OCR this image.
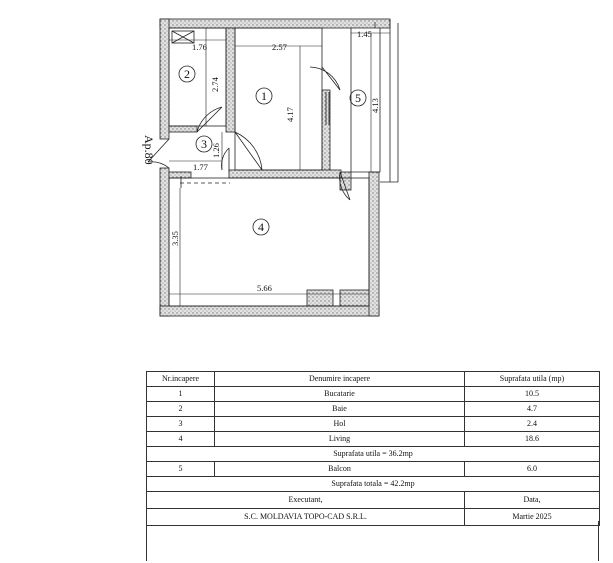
1.76	2.57
1.45
2.74
4.17
4.13
1.26
1.77
3.35
5.66
2
1	5
3
4
Ap.80
Nr.incapere	Denumire incapere	Suprafata utila (mp)
1	Bucatarie	10.5
2	Baie	4.7
3	Hol	2.4
4	Living	18.6
Suprafata utila = 36.2mp		
5	Balcon	6.0
Suprafata totala = 42.2mp		
Executant,		Data,
S.C. MOLDAVIA TOPO-CAD S.R.L.		Martie 2025
